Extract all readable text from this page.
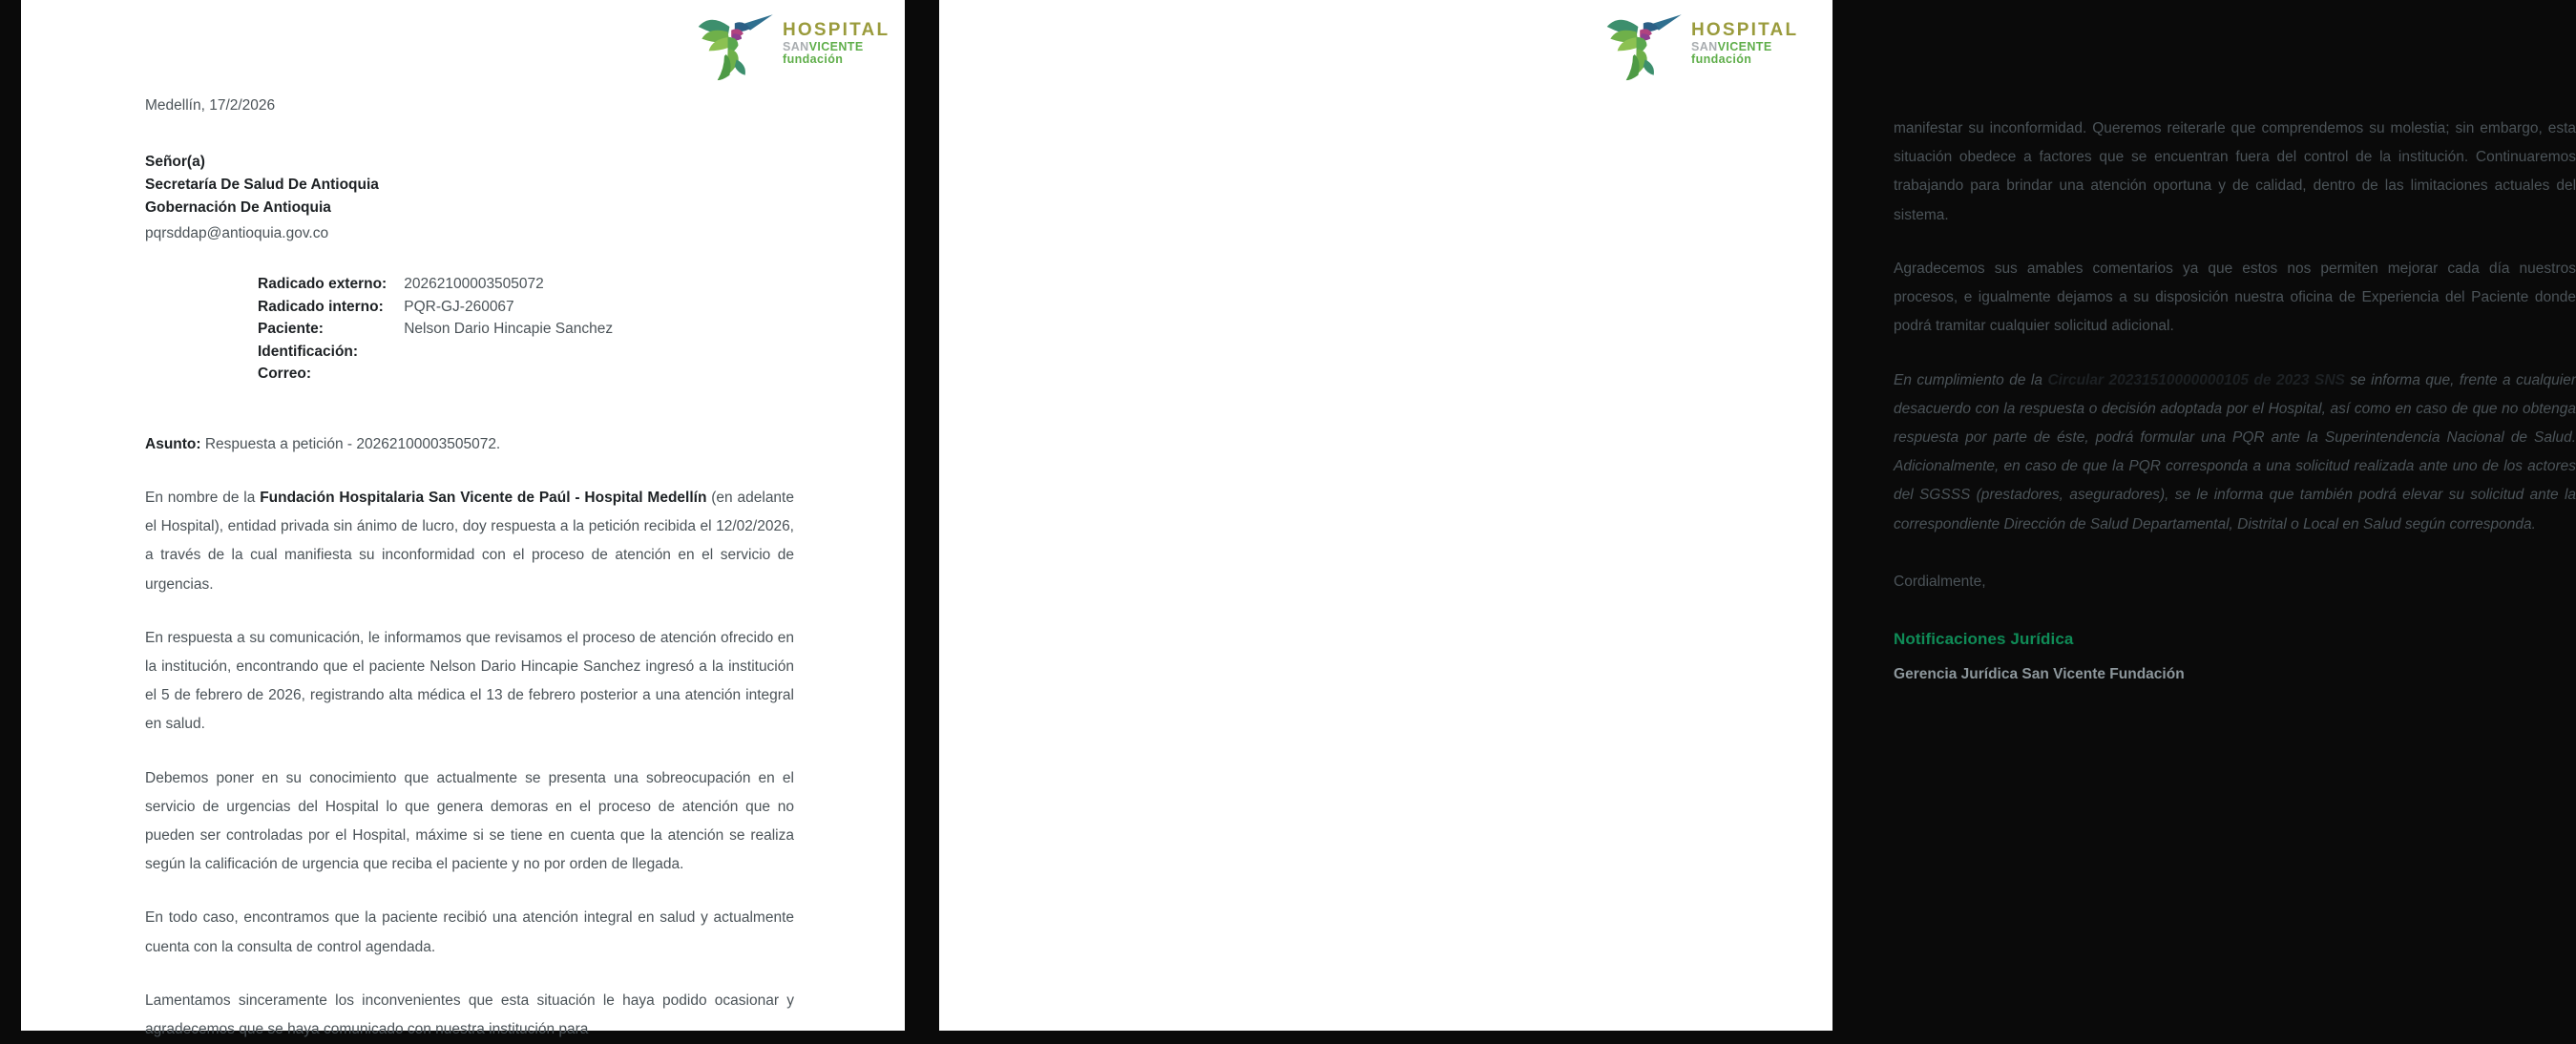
HOSPITAL
SANVICENTE
fundación

Medellín, 17/2/2026

Señor(a)
Secretaría De Salud De Antioquia
Gobernación De Antioquia
pqrsddap@antioquia.gov.co
Radicado externo:	20262100003505072
Radicado interno:	PQR-GJ-260067
Paciente:	Nelson Dario Hincapie Sanchez
Identificación:	
Correo:	

Asunto: Respuesta a petición - 20262100003505072.

En nombre de la Fundación Hospitalaria San Vicente de Paúl - Hospital Medellín (en adelante el Hospital), entidad privada sin ánimo de lucro, doy respuesta a la petición recibida el 12/02/2026, a través de la cual manifiesta su inconformidad con el proceso de atención en el servicio de urgencias.

En respuesta a su comunicación, le informamos que revisamos el proceso de atención ofrecido en la institución, encontrando que el paciente Nelson Dario Hincapie Sanchez ingresó a la institución el 5 de febrero de 2026, registrando alta médica el 13 de febrero posterior a una atención integral en salud.

Debemos poner en su conocimiento que actualmente se presenta una sobreocupación en el servicio de urgencias del Hospital lo que genera demoras en el proceso de atención que no pueden ser controladas por el Hospital, máxime si se tiene en cuenta que la atención se realiza según la calificación de urgencia que reciba el paciente y no por orden de llegada.

En todo caso, encontramos que la paciente recibió una atención integral en salud y actualmente cuenta con la consulta de control agendada.

Lamentamos sinceramente los inconvenientes que esta situación le haya podido ocasionar y agradecemos que se haya comunicado con nuestra institución para

HOSPITAL
SANVICENTE
fundación

manifestar su inconformidad. Queremos reiterarle que comprendemos su molestia; sin embargo, esta situación obedece a factores que se encuentran fuera del control de la institución. Continuaremos trabajando para brindar una atención oportuna y de calidad, dentro de las limitaciones actuales del sistema.

Agradecemos sus amables comentarios ya que estos nos permiten mejorar cada día nuestros procesos, e igualmente dejamos a su disposición nuestra oficina de Experiencia del Paciente donde podrá tramitar cualquier solicitud adicional.

En cumplimiento de la Circular 20231510000000105 de 2023 SNS se informa que, frente a cualquier desacuerdo con la respuesta o decisión adoptada por el Hospital, así como en caso de que no obtenga respuesta por parte de éste, podrá formular una PQR ante la Superintendencia Nacional de Salud. Adicionalmente, en caso de que la PQR corresponda a una solicitud realizada ante uno de los actores del SGSSS (prestadores, aseguradores), se le informa que también podrá elevar su solicitud ante la correspondiente Dirección de Salud Departamental, Distrital o Local en Salud según corresponda.

Cordialmente,

Notificaciones Jurídica

Gerencia Jurídica San Vicente Fundación
